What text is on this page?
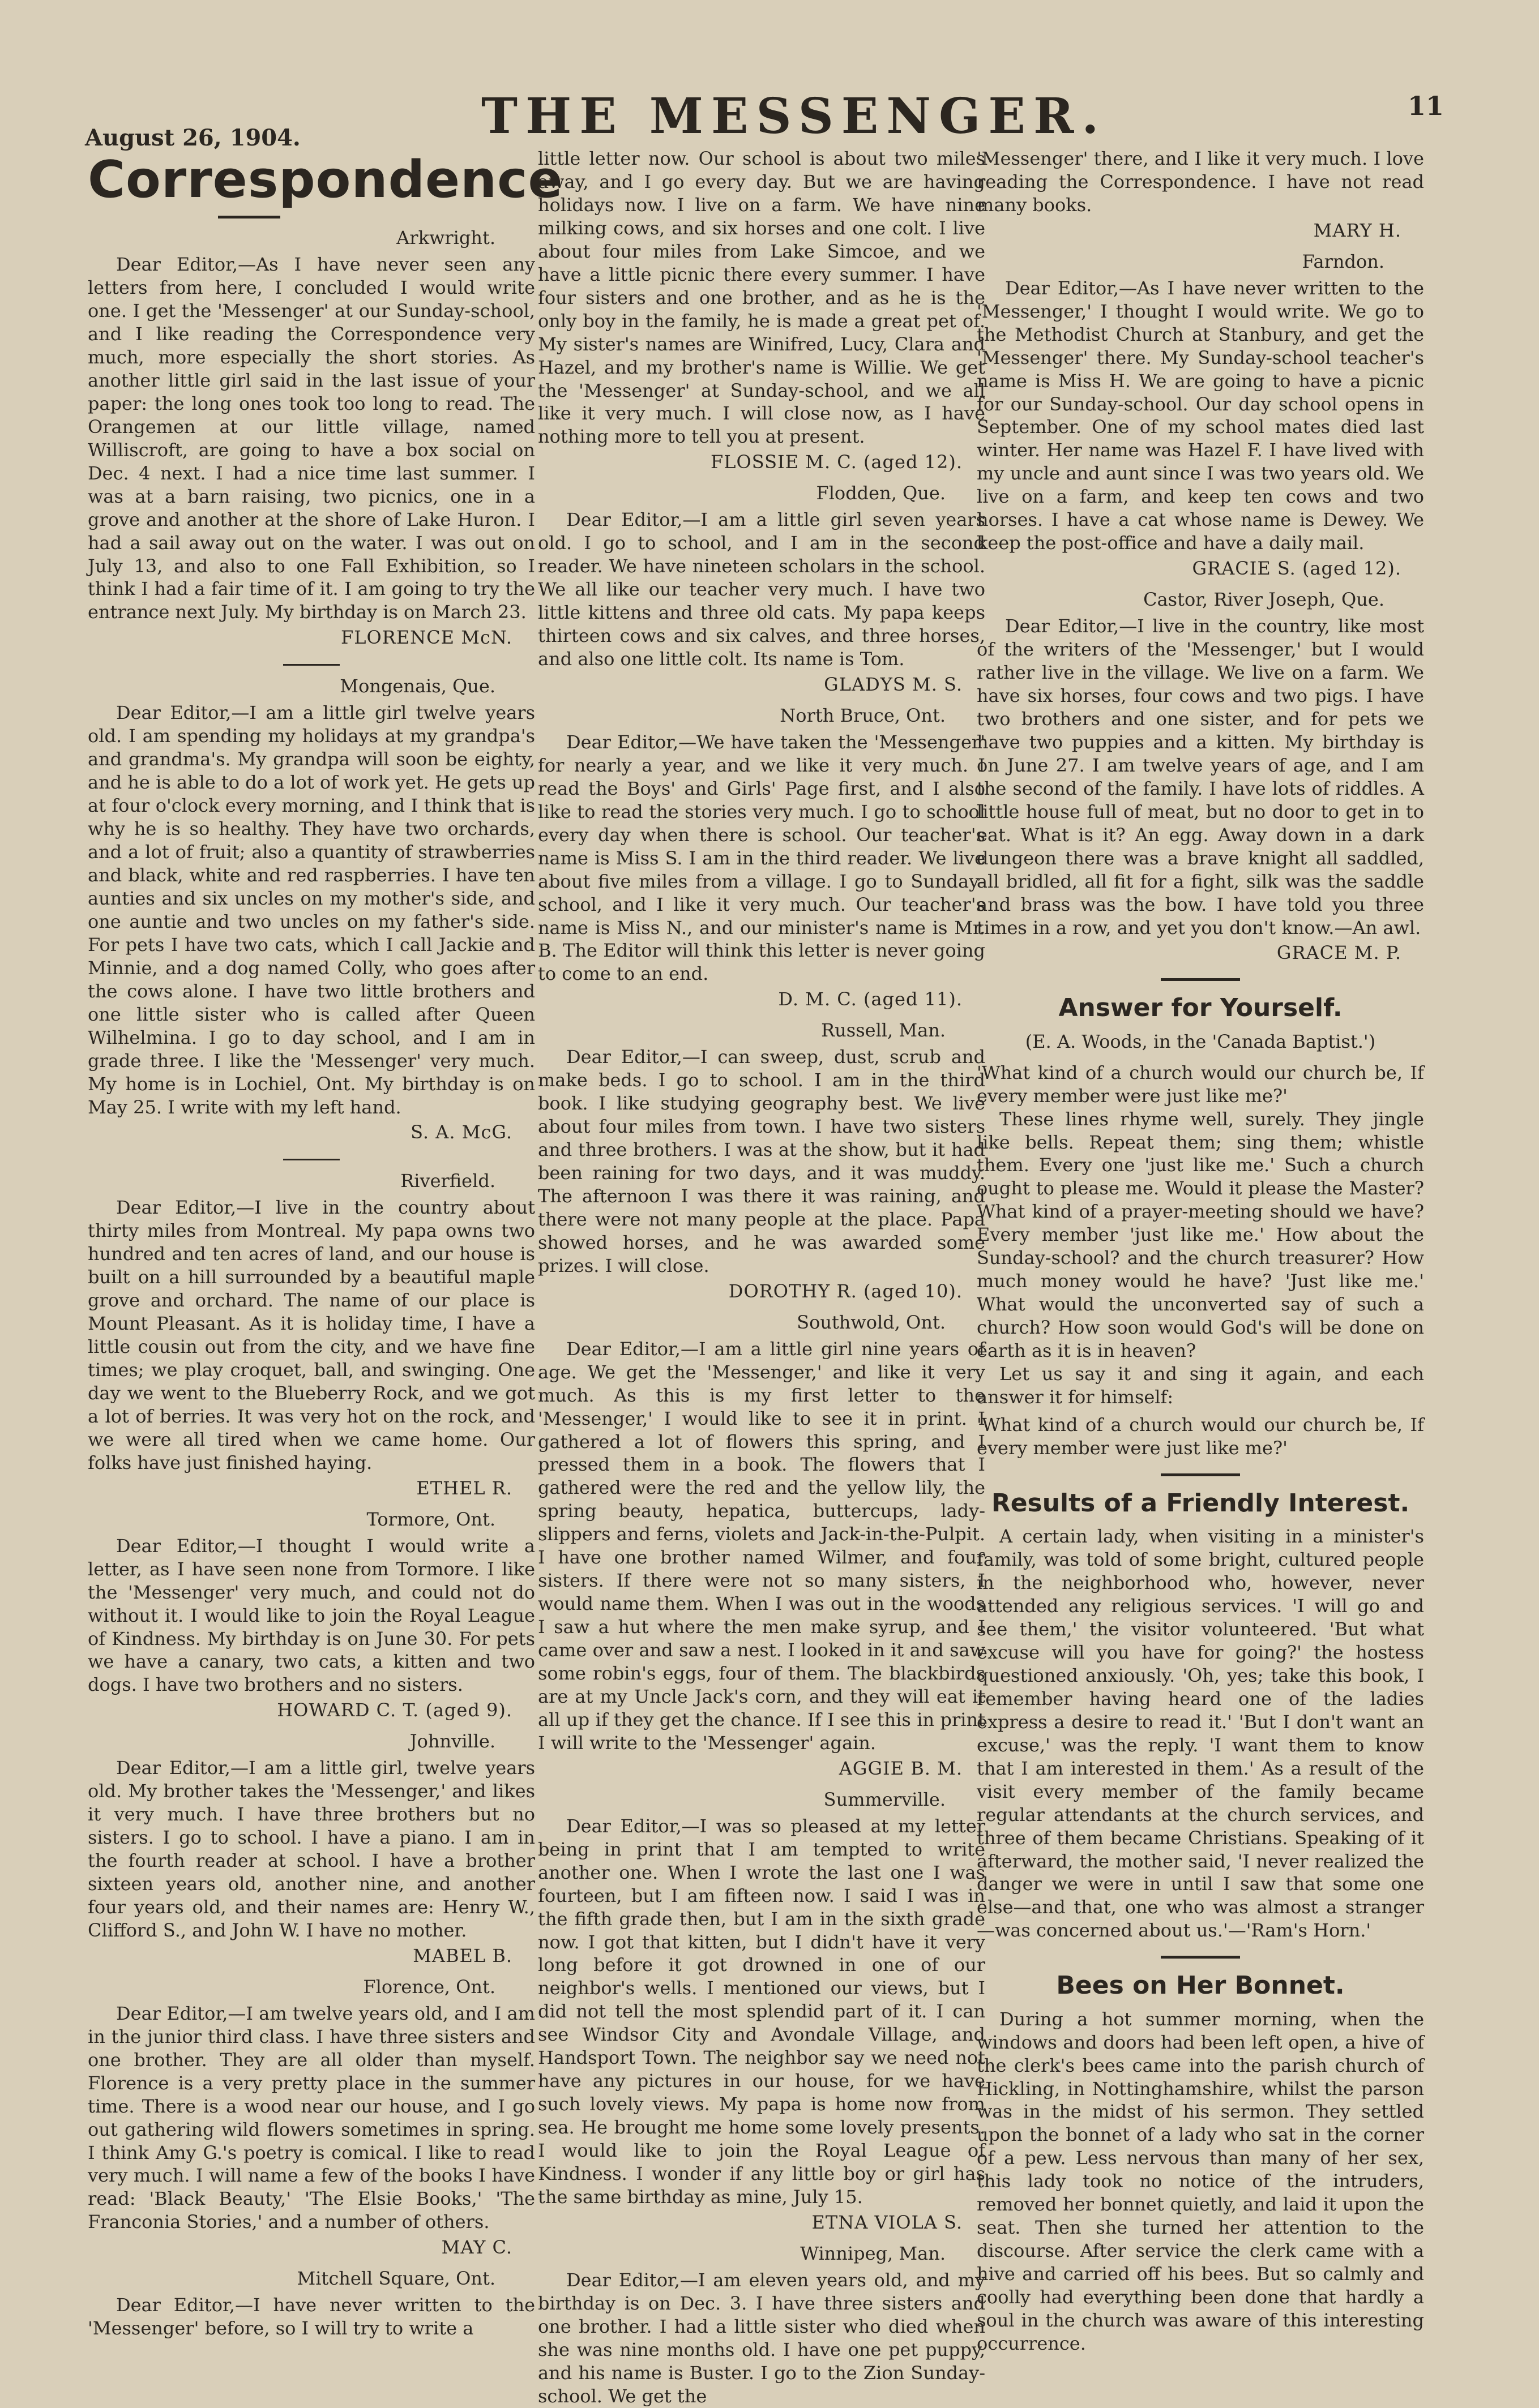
August 26, 1904.	THE MESSENGER.	11
Correspondence
Arkwright.

Dear Editor,—As I have never seen any letters from here, I concluded I would write one. I get the 'Messenger' at our Sunday-school, and I like reading the Correspondence very much, more especially the short stories. As another little girl said in the last issue of your paper: the long ones took too long to read. The Orangemen at our little village, named Williscroft, are going to have a box social on Dec. 4 next. I had a nice time last summer. I was at a barn raising, two picnics, one in a grove and another at the shore of Lake Huron. I had a sail away out on the water. I was out on July 13, and also to one Fall Exhibition, so I think I had a fair time of it. I am going to try the entrance next July. My birthday is on March 23.

FLORENCE McN.
Mongenais, Que.

Dear Editor,—I am a little girl twelve years old. I am spending my holidays at my grandpa's and grandma's. My grandpa will soon be eighty, and he is able to do a lot of work yet. He gets up at four o'clock every morning, and I think that is why he is so healthy. They have two orchards, and a lot of fruit; also a quantity of strawberries and black, white and red raspberries. I have ten aunties and six uncles on my mother's side, and one auntie and two uncles on my father's side. For pets I have two cats, which I call Jackie and Minnie, and a dog named Colly, who goes after the cows alone. I have two little brothers and one little sister who is called after Queen Wilhelmina. I go to day school, and I am in grade three. I like the 'Messenger' very much. My home is in Lochiel, Ont. My birthday is on May 25. I write with my left hand.

S. A. McG.
Riverfield.

Dear Editor,—I live in the country about thirty miles from Montreal. My papa owns two hundred and ten acres of land, and our house is built on a hill surrounded by a beautiful maple grove and orchard. The name of our place is Mount Pleasant. As it is holiday time, I have a little cousin out from the city, and we have fine times; we play croquet, ball, and swinging. One day we went to the Blueberry Rock, and we got a lot of berries. It was very hot on the rock, and we were all tired when we came home. Our folks have just finished haying.

ETHEL R.
Tormore, Ont.

Dear Editor,—I thought I would write a letter, as I have seen none from Tormore. I like the 'Messenger' very much, and could not do without it. I would like to join the Royal League of Kindness. My birthday is on June 30. For pets we have a canary, two cats, a kitten and two dogs. I have two brothers and no sisters.

HOWARD C. T. (aged 9).
Johnville.

Dear Editor,—I am a little girl, twelve years old. My brother takes the 'Messenger,' and likes it very much. I have three brothers but no sisters. I go to school. I have a piano. I am in the fourth reader at school. I have a brother sixteen years old, another nine, and another four years old, and their names are: Henry W., Clifford S., and John W. I have no mother.

MABEL B.
Florence, Ont.

Dear Editor,—I am twelve years old, and I am in the junior third class. I have three sisters and one brother. They are all older than myself. Florence is a very pretty place in the summer time. There is a wood near our house, and I go out gathering wild flowers sometimes in spring. I think Amy G.'s poetry is comical. I like to read very much. I will name a few of the books I have read: 'Black Beauty,' 'The Elsie Books,' 'The Franconia Stories,' and a number of others.

MAY C.
Mitchell Square, Ont.

Dear Editor,—I have never written to the 'Messenger' before, so I will try to write a

little letter now. Our school is about two miles away, and I go every day. But we are having holidays now. I live on a farm. We have nine milking cows, and six horses and one colt. I live about four miles from Lake Simcoe, and we have a little picnic there every summer. I have four sisters and one brother, and as he is the only boy in the family, he is made a great pet of. My sister's names are Winifred, Lucy, Clara and Hazel, and my brother's name is Willie. We get the 'Messenger' at Sunday-school, and we all like it very much. I will close now, as I have nothing more to tell you at present.

FLOSSIE M. C. (aged 12).
Flodden, Que.

Dear Editor,—I am a little girl seven years old. I go to school, and I am in the second reader. We have nineteen scholars in the school. We all like our teacher very much. I have two little kittens and three old cats. My papa keeps thirteen cows and six calves, and three horses, and also one little colt. Its name is Tom.

GLADYS M. S.
North Bruce, Ont.

Dear Editor,—We have taken the 'Messenger' for nearly a year, and we like it very much. I read the Boys' and Girls' Page first, and I also like to read the stories very much. I go to school every day when there is school. Our teacher's name is Miss S. I am in the third reader. We live about five miles from a village. I go to Sunday-school, and I like it very much. Our teacher's name is Miss N., and our minister's name is Mr. B. The Editor will think this letter is never going to come to an end.

D. M. C. (aged 11).
Russell, Man.

Dear Editor,—I can sweep, dust, scrub and make beds. I go to school. I am in the third book. I like studying geography best. We live about four miles from town. I have two sisters and three brothers. I was at the show, but it had been raining for two days, and it was muddy. The afternoon I was there it was raining, and there were not many people at the place. Papa showed horses, and he was awarded some prizes. I will close.

DOROTHY R. (aged 10).
Southwold, Ont.

Dear Editor,—I am a little girl nine years of age. We get the 'Messenger,' and like it very much. As this is my first letter to the 'Messenger,' I would like to see it in print. I gathered a lot of flowers this spring, and I pressed them in a book. The flowers that I gathered were the red and the yellow lily, the spring beauty, hepatica, buttercups, lady-slippers and ferns, violets and Jack-in-the-Pulpit. I have one brother named Wilmer, and four sisters. If there were not so many sisters, I would name them. When I was out in the woods I saw a hut where the men make syrup, and I came over and saw a nest. I looked in it and saw some robin's eggs, four of them. The blackbirds are at my Uncle Jack's corn, and they will eat it all up if they get the chance. If I see this in print I will write to the 'Messenger' again.

AGGIE B. M.
Summerville.

Dear Editor,—I was so pleased at my letter being in print that I am tempted to write another one. When I wrote the last one I was fourteen, but I am fifteen now. I said I was in the fifth grade then, but I am in the sixth grade now. I got that kitten, but I didn't have it very long before it got drowned in one of our neighbor's wells. I mentioned our views, but I did not tell the most splendid part of it. I can see Windsor City and Avondale Village, and Handsport Town. The neighbor say we need not have any pictures in our house, for we have such lovely views. My papa is home now from sea. He brought me home some lovely presents. I would like to join the Royal League of Kindness. I wonder if any little boy or girl has the same birthday as mine, July 15.

ETNA VIOLA S.
Winnipeg, Man.

Dear Editor,—I am eleven years old, and my birthday is on Dec. 3. I have three sisters and one brother. I had a little sister who died when she was nine months old. I have one pet puppy, and his name is Buster. I go to the Zion Sunday-school. We get the

'Messenger' there, and I like it very much. I love reading the Correspondence. I have not read many books.

MARY H.
Farndon.

Dear Editor,—As I have never written to the 'Messenger,' I thought I would write. We go to the Methodist Church at Stanbury, and get the 'Messenger' there. My Sunday-school teacher's name is Miss H. We are going to have a picnic for our Sunday-school. Our day school opens in September. One of my school mates died last winter. Her name was Hazel F. I have lived with my uncle and aunt since I was two years old. We live on a farm, and keep ten cows and two horses. I have a cat whose name is Dewey. We keep the post-office and have a daily mail.

GRACIE S. (aged 12).
Castor, River Joseph, Que.

Dear Editor,—I live in the country, like most of the writers of the 'Messenger,' but I would rather live in the village. We live on a farm. We have six horses, four cows and two pigs. I have two brothers and one sister, and for pets we have two puppies and a kitten. My birthday is on June 27. I am twelve years of age, and I am the second of the family. I have lots of riddles. A little house full of meat, but no door to get in to eat. What is it? An egg. Away down in a dark dungeon there was a brave knight all saddled, all bridled, all fit for a fight, silk was the saddle and brass was the bow. I have told you three times in a row, and yet you don't know.—An awl.

GRACE M. P.
Answer for Yourself.
(E. A. Woods, in the 'Canada Baptist.')

'What kind of a church would our church be, If every member were just like me?'

These lines rhyme well, surely. They jingle like bells. Repeat them; sing them; whistle them. Every one 'just like me.' Such a church ought to please me. Would it please the Master? What kind of a prayer-meeting should we have? Every member 'just like me.' How about the Sunday-school? and the church treasurer? How much money would he have? 'Just like me.' What would the unconverted say of such a church? How soon would God's will be done on earth as it is in heaven?

Let us say it and sing it again, and each answer it for himself:

'What kind of a church would our church be, If every member were just like me?'

Results of a Friendly Interest.

A certain lady, when visiting in a minister's family, was told of some bright, cultured people in the neighborhood who, however, never attended any religious services. 'I will go and see them,' the visitor volunteered. 'But what excuse will you have for going?' the hostess questioned anxiously. 'Oh, yes; take this book, I remember having heard one of the ladies express a desire to read it.' 'But I don't want an excuse,' was the reply. 'I want them to know that I am interested in them.' As a result of the visit every member of the family became regular attendants at the church services, and three of them became Christians. Speaking of it afterward, the mother said, 'I never realized the danger we were in until I saw that some one else—and that, one who was almost a stranger—was concerned about us.'—'Ram's Horn.'

Bees on Her Bonnet.

During a hot summer morning, when the windows and doors had been left open, a hive of the clerk's bees came into the parish church of Hickling, in Nottinghamshire, whilst the parson was in the midst of his sermon. They settled upon the bonnet of a lady who sat in the corner of a pew. Less nervous than many of her sex, this lady took no notice of the intruders, removed her bonnet quietly, and laid it upon the seat. Then she turned her attention to the discourse. After service the clerk came with a hive and carried off his bees. But so calmly and coolly had everything been done that hardly a soul in the church was aware of this interesting occurrence.
